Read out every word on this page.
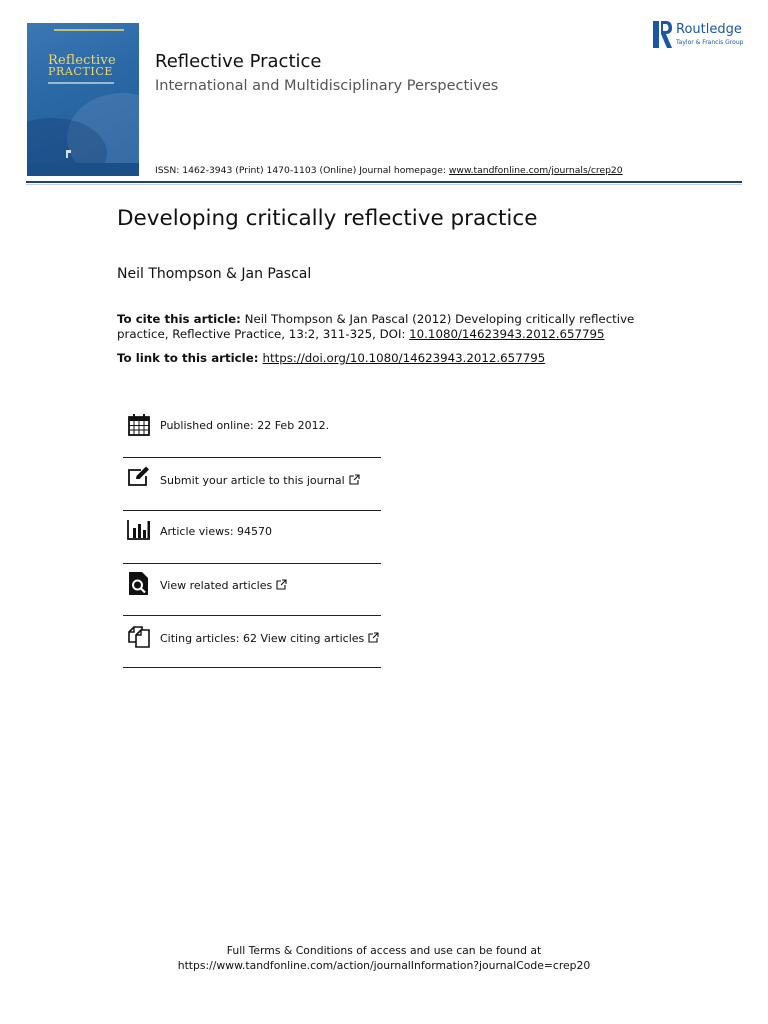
Reflective
PRACTICE Reflective Practice
International and Multidisciplinary Perspectives
ISSN: 1462-3943 (Print) 1470-1103 (Online) Journal homepage: www.tandfonline.com/journals/crep20
Routledge
Taylor & Francis Group
Developing critically reflective practice
Neil Thompson & Jan Pascal
To cite this article: Neil Thompson & Jan Pascal (2012) Developing critically reflective practice, Reflective Practice, 13:2, 311-325, DOI: 10.1080/14623943.2012.657795
To link to this article: https://doi.org/10.1080/14623943.2012.657795
Published online: 22 Feb 2012.
Submit your article to this journal
Article views: 94570
View related articles
Citing articles: 62 View citing articles
Full Terms & Conditions of access and use can be found at
https://www.tandfonline.com/action/journalInformation?journalCode=crep20
